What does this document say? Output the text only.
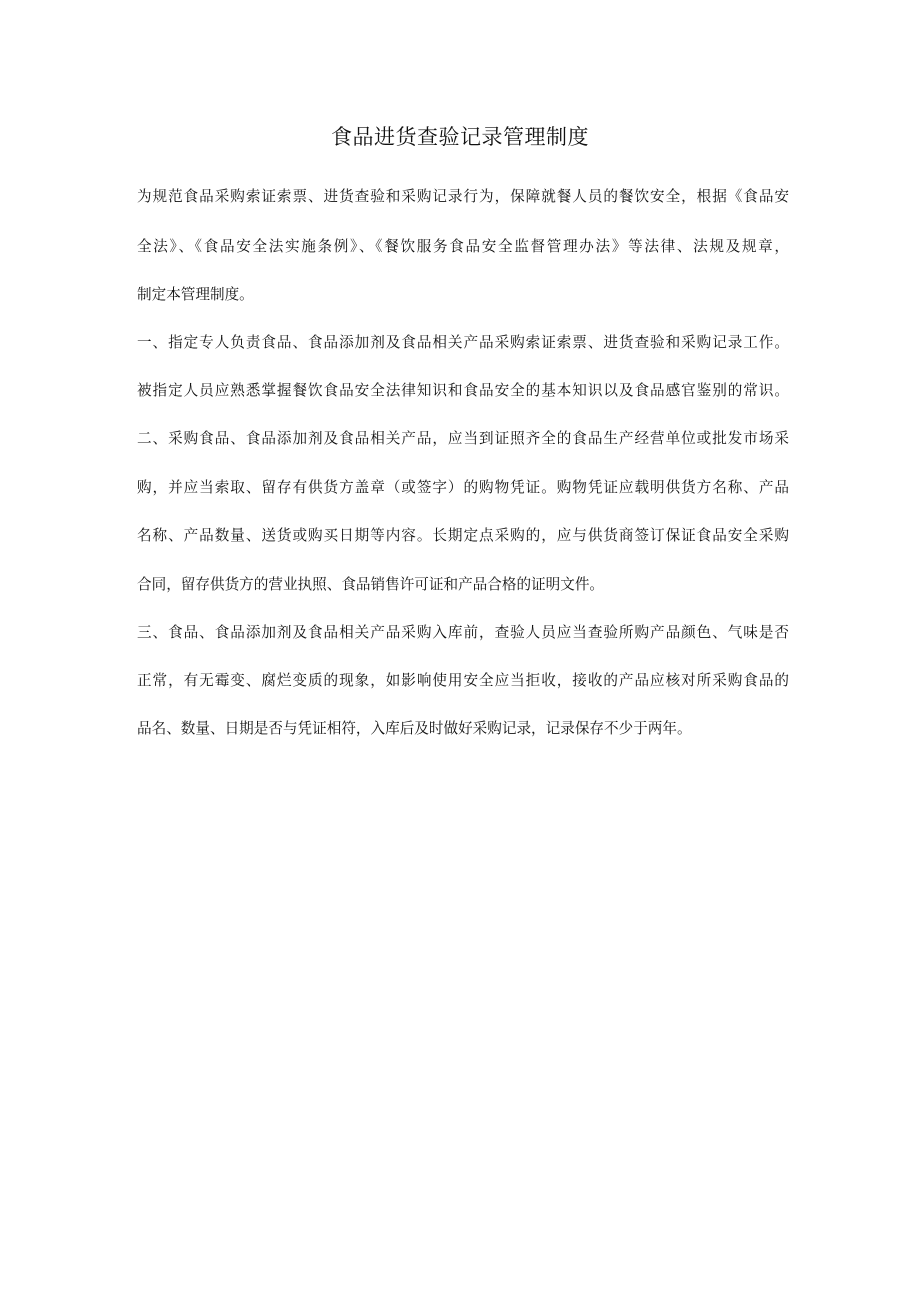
食品进货查验记录管理制度

为规范食品采购索证索票、进货查验和采购记录行为，保障就餐人员的餐饮安全，根据《食品安

全法》、《食品安全法实施条例》、《餐饮服务食品安全监督管理办法》等法律、法规及规章，

制定本管理制度。

一、指定专人负责食品、食品添加剂及食品相关产品采购索证索票、进货查验和采购记录工作。

被指定人员应熟悉掌握餐饮食品安全法律知识和食品安全的基本知识以及食品感官鉴别的常识。

二、采购食品、食品添加剂及食品相关产品，应当到证照齐全的食品生产经营单位或批发市场采

购，并应当索取、留存有供货方盖章（或签字）的购物凭证。购物凭证应载明供货方名称、产品

名称、产品数量、送货或购买日期等内容。长期定点采购的，应与供货商签订保证食品安全采购

合同，留存供货方的营业执照、食品销售许可证和产品合格的证明文件。

三、食品、食品添加剂及食品相关产品采购入库前，查验人员应当查验所购产品颜色、气味是否

正常，有无霉变、腐烂变质的现象，如影响使用安全应当拒收，接收的产品应核对所采购食品的

品名、数量、日期是否与凭证相符，入库后及时做好采购记录，记录保存不少于两年。
